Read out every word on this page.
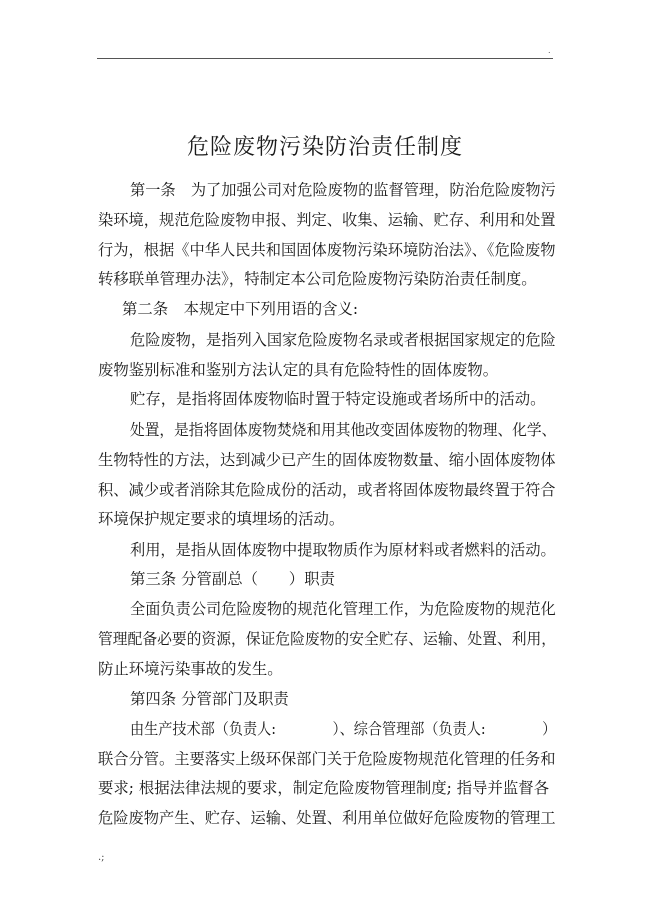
.
危险废物污染防治责任制度
第一条　为了加强公司对危险废物的监督管理，防治危险废物污
染环境，规范危险废物申报、判定、收集、运输、贮存、利用和处置
行为，根据《中华人民共和国固体废物污染环境防治法》、《危险废物
转移联单管理办法》，特制定本公司危险废物污染防治责任制度。
第二条　本规定中下列用语的含义:
危险废物，是指列入国家危险废物名录或者根据国家规定的危险
废物鉴别标准和鉴别方法认定的具有危险特性的固体废物。
贮存，是指将固体废物临时置于特定设施或者场所中的活动。
处置，是指将固体废物焚烧和用其他改变固体废物的物理、化学、
生物特性的方法，达到减少已产生的固体废物数量、缩小固体废物体
积、减少或者消除其危险成份的活动，或者将固体废物最终置于符合
环境保护规定要求的填埋场的活动。
利用，是指从固体废物中提取物质作为原材料或者燃料的活动。
第三条 分管副总（　　）职责
全面负责公司危险废物的规范化管理工作，为危险废物的规范化
管理配备必要的资源，保证危险废物的安全贮存、运输、处置、利用，
防止环境污染事故的发生。
第四条 分管部门及职责
由生产技术部（负责人:　　　　）、综合管理部（负责人:　　　　）
联合分管。主要落实上级环保部门关于危险废物规范化管理的任务和
要求; 根据法律法规的要求，制定危险废物管理制度; 指导并监督各
危险废物产生、贮存、运输、处置、利用单位做好危险废物的管理工
.;
